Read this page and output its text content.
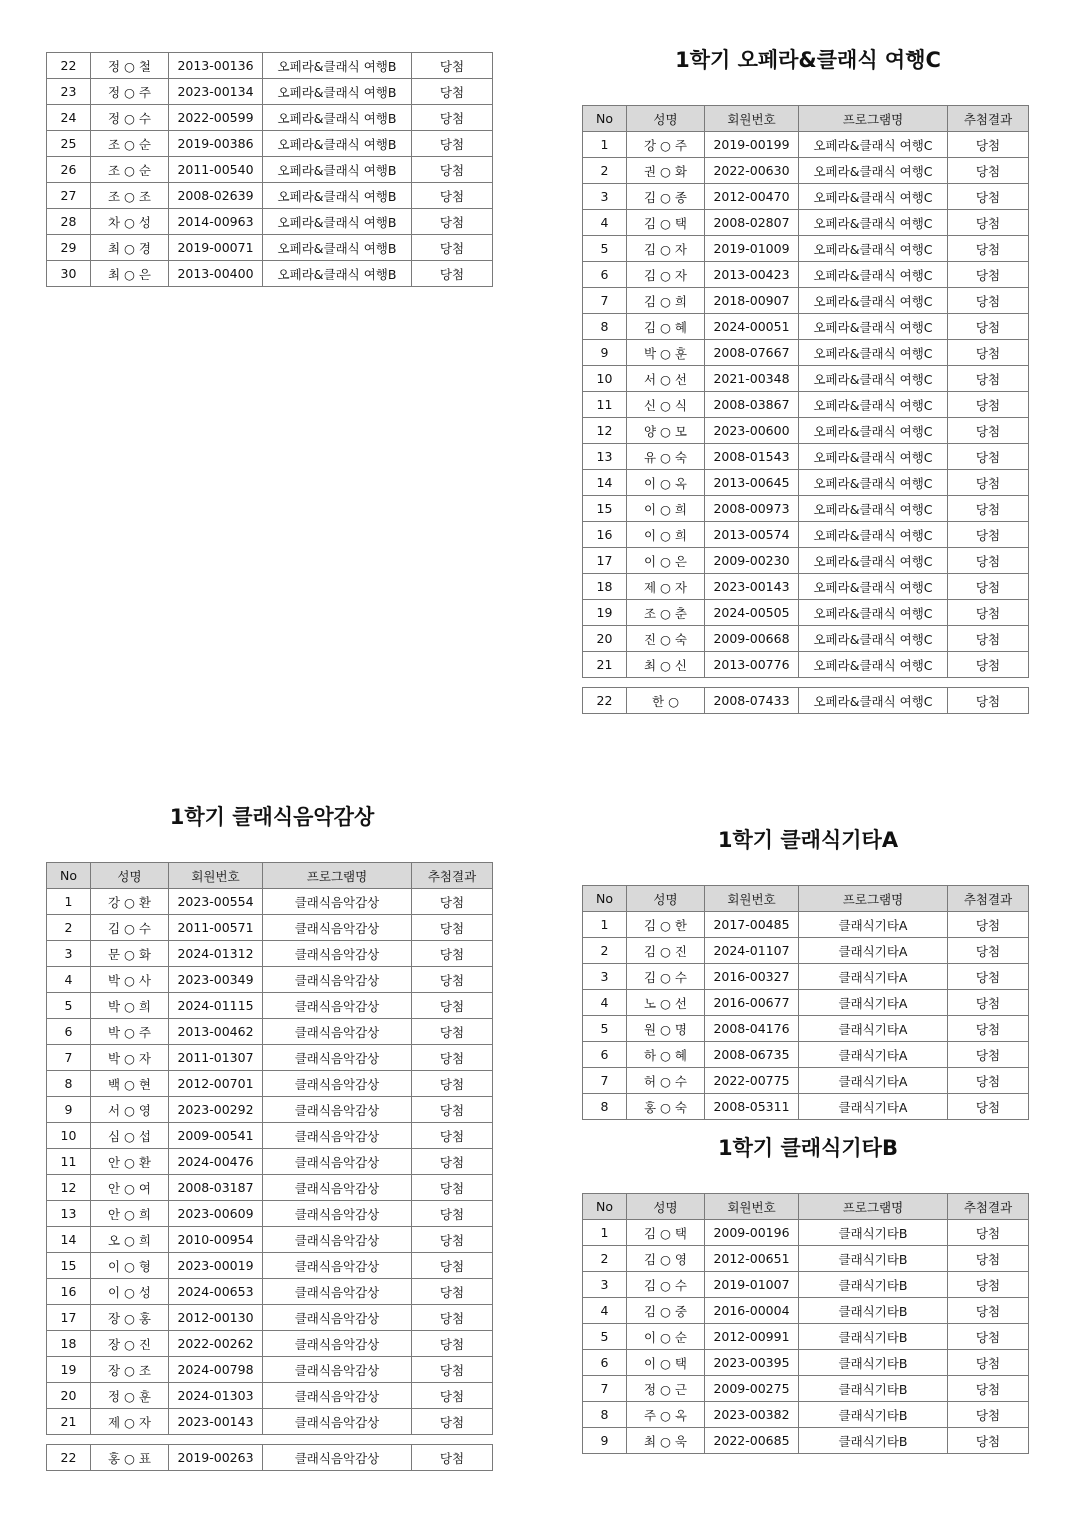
22	정 ○ 철	2013-00136	오페라&클래식 여행B	당첨
23	정 ○ 주	2023-00134	오페라&클래식 여행B	당첨
24	정 ○ 수	2022-00599	오페라&클래식 여행B	당첨
25	조 ○ 순	2019-00386	오페라&클래식 여행B	당첨
26	조 ○ 순	2011-00540	오페라&클래식 여행B	당첨
27	조 ○ 조	2008-02639	오페라&클래식 여행B	당첨
28	차 ○ 성	2014-00963	오페라&클래식 여행B	당첨
29	최 ○ 경	2019-00071	오페라&클래식 여행B	당첨
30	최 ○ 은	2013-00400	오페라&클래식 여행B	당첨
1학기 오페라&클래식 여행C
No	성명	회원번호	프로그램명	추첨결과
1	강 ○ 주	2019-00199	오페라&클래식 여행C	당첨
2	권 ○ 화	2022-00630	오페라&클래식 여행C	당첨
3	김 ○ 종	2012-00470	오페라&클래식 여행C	당첨
4	김 ○ 택	2008-02807	오페라&클래식 여행C	당첨
5	김 ○ 자	2019-01009	오페라&클래식 여행C	당첨
6	김 ○ 자	2013-00423	오페라&클래식 여행C	당첨
7	김 ○ 희	2018-00907	오페라&클래식 여행C	당첨
8	김 ○ 혜	2024-00051	오페라&클래식 여행C	당첨
9	박 ○ 훈	2008-07667	오페라&클래식 여행C	당첨
10	서 ○ 선	2021-00348	오페라&클래식 여행C	당첨
11	신 ○ 식	2008-03867	오페라&클래식 여행C	당첨
12	양 ○ 모	2023-00600	오페라&클래식 여행C	당첨
13	유 ○ 숙	2008-01543	오페라&클래식 여행C	당첨
14	이 ○ 옥	2013-00645	오페라&클래식 여행C	당첨
15	이 ○ 희	2008-00973	오페라&클래식 여행C	당첨
16	이 ○ 희	2013-00574	오페라&클래식 여행C	당첨
17	이 ○ 은	2009-00230	오페라&클래식 여행C	당첨
18	제 ○ 자	2023-00143	오페라&클래식 여행C	당첨
19	조 ○ 춘	2024-00505	오페라&클래식 여행C	당첨
20	진 ○ 숙	2009-00668	오페라&클래식 여행C	당첨
21	최 ○ 신	2013-00776	오페라&클래식 여행C	당첨

22	한 ○	2008-07433	오페라&클래식 여행C	당첨
1학기 클래식음악감상
No	성명	회원번호	프로그램명	추첨결과
1	강 ○ 환	2023-00554	클래식음악감상	당첨
2	김 ○ 수	2011-00571	클래식음악감상	당첨
3	문 ○ 화	2024-01312	클래식음악감상	당첨
4	박 ○ 사	2023-00349	클래식음악감상	당첨
5	박 ○ 희	2024-01115	클래식음악감상	당첨
6	박 ○ 주	2013-00462	클래식음악감상	당첨
7	박 ○ 자	2011-01307	클래식음악감상	당첨
8	백 ○ 현	2012-00701	클래식음악감상	당첨
9	서 ○ 영	2023-00292	클래식음악감상	당첨
10	심 ○ 섭	2009-00541	클래식음악감상	당첨
11	안 ○ 환	2024-00476	클래식음악감상	당첨
12	안 ○ 여	2008-03187	클래식음악감상	당첨
13	안 ○ 희	2023-00609	클래식음악감상	당첨
14	오 ○ 희	2010-00954	클래식음악감상	당첨
15	이 ○ 형	2023-00019	클래식음악감상	당첨
16	이 ○ 성	2024-00653	클래식음악감상	당첨
17	장 ○ 홍	2012-00130	클래식음악감상	당첨
18	장 ○ 진	2022-00262	클래식음악감상	당첨
19	장 ○ 조	2024-00798	클래식음악감상	당첨
20	정 ○ 훈	2024-01303	클래식음악감상	당첨
21	제 ○ 자	2023-00143	클래식음악감상	당첨

22	홍 ○ 표	2019-00263	클래식음악감상	당첨
1학기 클래식기타A
No	성명	회원번호	프로그램명	추첨결과
1	김 ○ 한	2017-00485	클래식기타A	당첨
2	김 ○ 진	2024-01107	클래식기타A	당첨
3	김 ○ 수	2016-00327	클래식기타A	당첨
4	노 ○ 선	2016-00677	클래식기타A	당첨
5	원 ○ 명	2008-04176	클래식기타A	당첨
6	하 ○ 혜	2008-06735	클래식기타A	당첨
7	허 ○ 수	2022-00775	클래식기타A	당첨
8	홍 ○ 숙	2008-05311	클래식기타A	당첨
1학기 클래식기타B
No	성명	회원번호	프로그램명	추첨결과
1	김 ○ 택	2009-00196	클래식기타B	당첨
2	김 ○ 영	2012-00651	클래식기타B	당첨
3	김 ○ 수	2019-01007	클래식기타B	당첨
4	김 ○ 중	2016-00004	클래식기타B	당첨
5	이 ○ 순	2012-00991	클래식기타B	당첨
6	이 ○ 택	2023-00395	클래식기타B	당첨
7	정 ○ 근	2009-00275	클래식기타B	당첨
8	주 ○ 옥	2023-00382	클래식기타B	당첨
9	최 ○ 욱	2022-00685	클래식기타B	당첨
